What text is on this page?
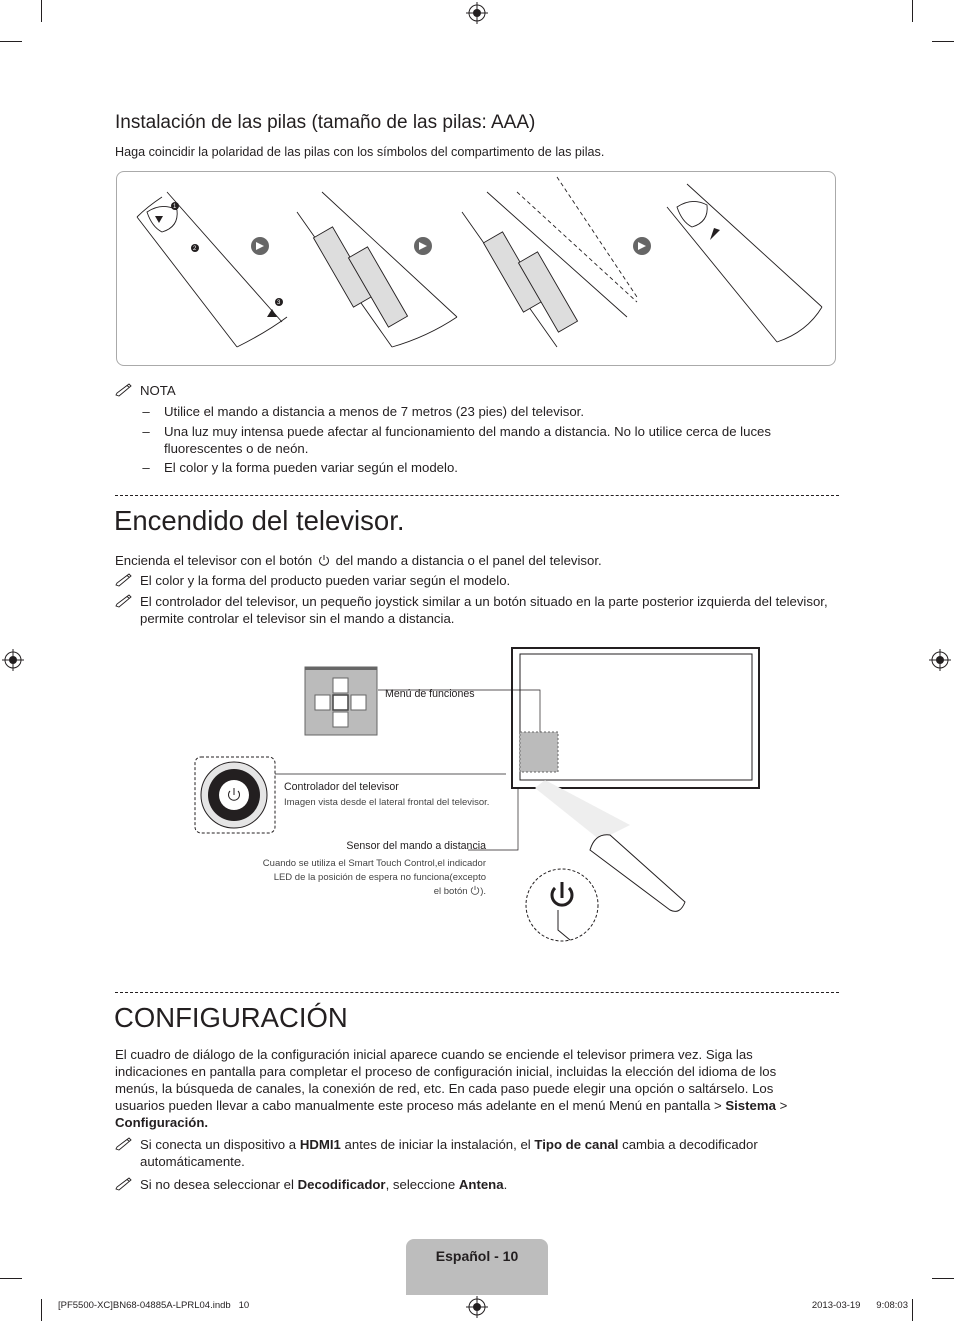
Instalación de las pilas (tamaño de las pilas: AAA)
Haga coincidir la polaridad de las pilas con los símbolos del compartimento de las pilas.
1
2
3
NOTA
– Utilice el mando a distancia a menos de 7 metros (23 pies) del televisor.
– Una luz muy intensa puede afectar al funcionamiento del mando a distancia. No lo utilice cerca de luces fluorescentes o de neón.
– El color y la forma pueden variar según el modelo.
Encendido del televisor.
Encienda el televisor con el botón del mando a distancia o el panel del televisor.
El color y la forma del producto pueden variar según el modelo.
El controlador del televisor, un pequeño joystick similar a un botón situado en la parte posterior izquierda del televisor, permite controlar el televisor sin el mando a distancia.
Menú de funciones
Controlador del televisor
Imagen vista desde el lateral frontal del televisor.
Sensor del mando a distancia
Cuando se utiliza el Smart Touch Control,el indicador
LED de la posición de espera no funciona(excepto
el botón ).
CONFIGURACIÓN
El cuadro de diálogo de la configuración inicial aparece cuando se enciende el televisor primera vez. Siga las indicaciones en pantalla para completar el proceso de configuración inicial, incluidas la elección del idioma de los menús, la búsqueda de canales, la conexión de red, etc. En cada paso puede elegir una opción o saltárselo. Los usuarios pueden llevar a cabo manualmente este proceso más adelante en el menú Menú en pantalla > Sistema > Configuración.
Si conecta un dispositivo a HDMI1 antes de iniciar la instalación, el Tipo de canal cambia a decodificador automáticamente.
Si no desea seleccionar el Decodificador, seleccione Antena.
Español - 10
[PF5500-XC]BN68-04885A-LPRL04.indb   10	2013-03-19      9:08:03
